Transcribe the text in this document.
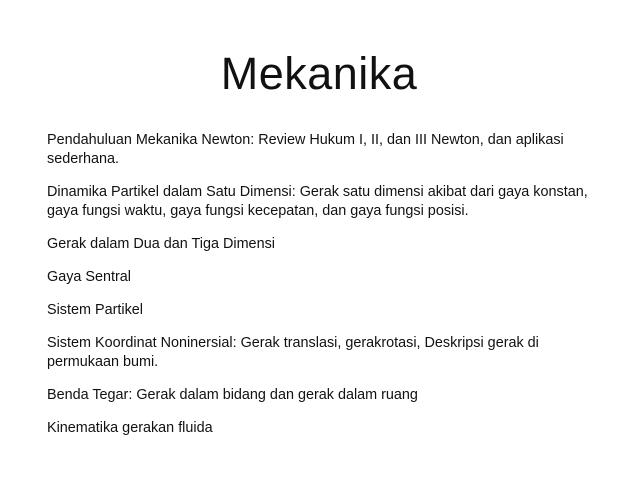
Mekanika

Pendahuluan Mekanika Newton: Review Hukum I, II, dan III Newton, dan aplikasi
sederhana.

Dinamika Partikel dalam Satu Dimensi: Gerak satu dimensi akibat dari gaya konstan,
gaya fungsi waktu, gaya fungsi kecepatan, dan gaya fungsi posisi.

Gerak dalam Dua dan Tiga Dimensi

Gaya Sentral

Sistem Partikel

Sistem Koordinat Noninersial: Gerak translasi, gerakrotasi, Deskripsi gerak di
permukaan bumi.

Benda Tegar: Gerak dalam bidang dan gerak dalam ruang

Kinematika gerakan fluida
